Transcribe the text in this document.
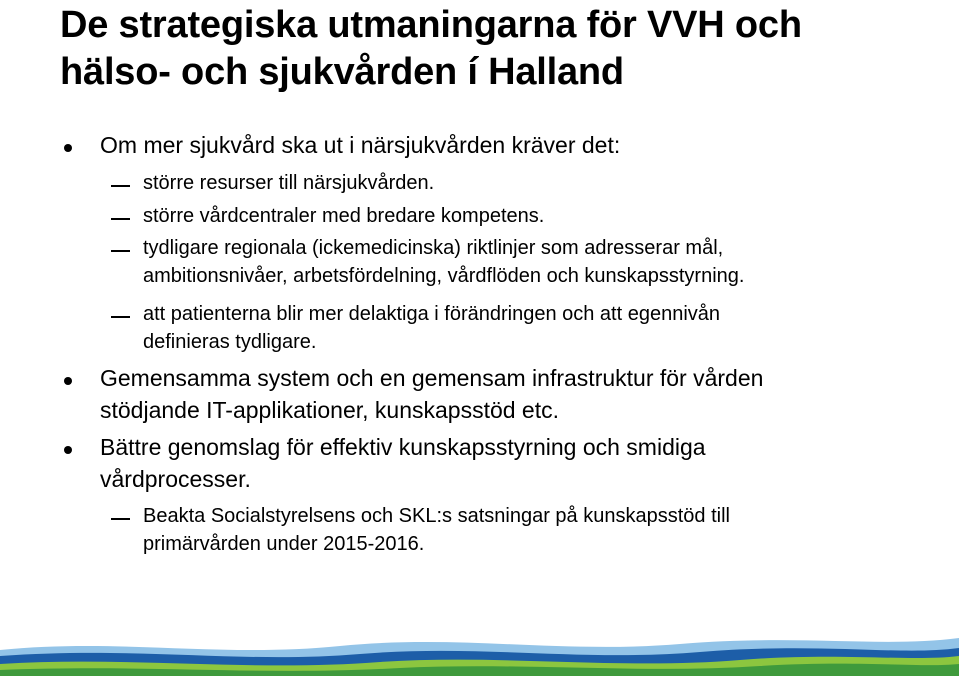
De strategiska utmaningarna för VVH och
hälso- och sjukvården í Halland
Om mer sjukvård ska ut i närsjukvården kräver det:
större resurser till närsjukvården.
större vårdcentraler med bredare kompetens.
tydligare regionala (ickemedicinska) riktlinjer som adresserar mål,
ambitionsnivåer, arbetsfördelning, vårdflöden och kunskapsstyrning.
att patienterna blir mer delaktiga i förändringen och att egennivån
definieras tydligare.
Gemensamma system och en gemensam infrastruktur för vården
stödjande IT-applikationer, kunskapsstöd etc.
Bättre genomslag för effektiv kunskapsstyrning och smidiga
vårdprocesser.
Beakta Socialstyrelsens och SKL:s satsningar på kunskapsstöd till
primärvården under 2015-2016.
